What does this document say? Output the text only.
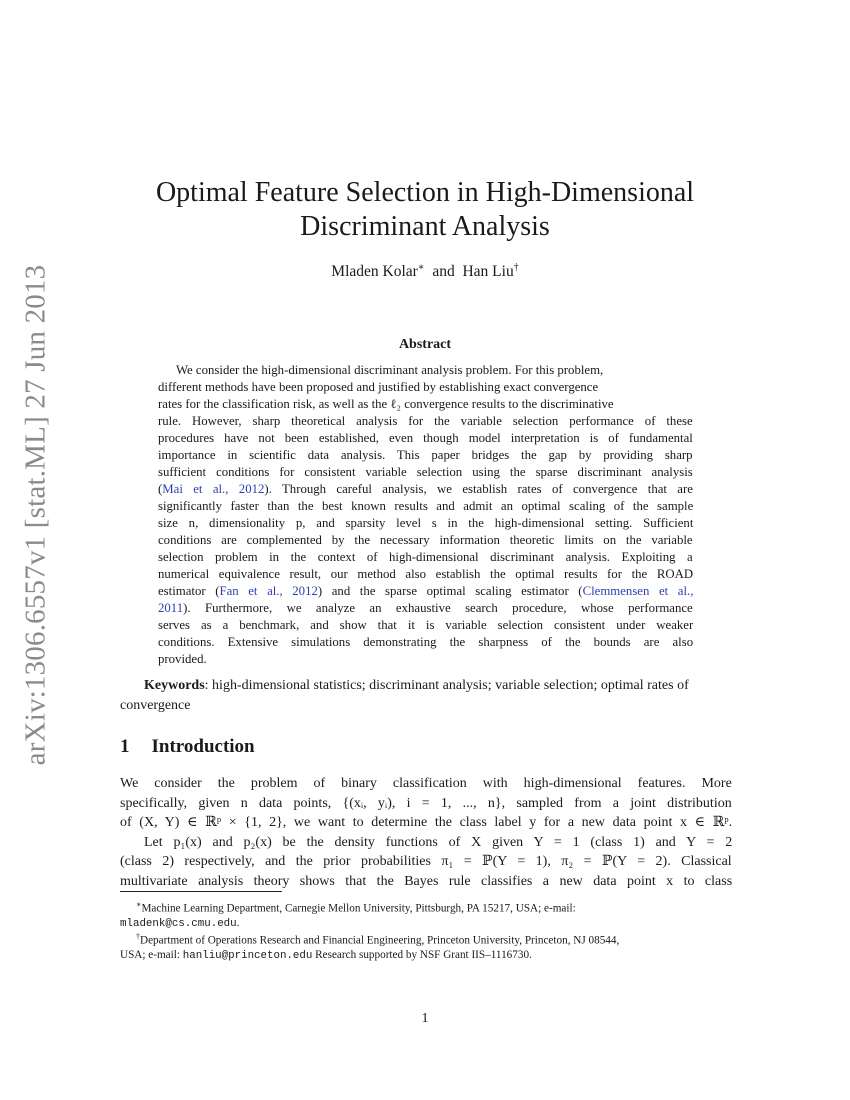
arXiv:1306.6557v1 [stat.ML] 27 Jun 2013
Optimal Feature Selection in High-Dimensional
Discriminant Analysis
Mladen Kolar∗ and Han Liu†
Abstract
We consider the high-dimensional discriminant analysis problem. For this problem,
different methods have been proposed and justified by establishing exact convergence
rates for the classification risk, as well as the ℓ₂ convergence results to the discriminative
rule. However, sharp theoretical analysis for the variable selection performance of these
procedures have not been established, even though model interpretation is of fundamental
importance in scientific data analysis. This paper bridges the gap by providing sharp
sufficient conditions for consistent variable selection using the sparse discriminant analysis
(Mai et al., 2012). Through careful analysis, we establish rates of convergence that are
significantly faster than the best known results and admit an optimal scaling of the sample
size n, dimensionality p, and sparsity level s in the high-dimensional setting. Sufficient
conditions are complemented by the necessary information theoretic limits on the variable
selection problem in the context of high-dimensional discriminant analysis. Exploiting a
numerical equivalence result, our method also establish the optimal results for the ROAD
estimator (Fan et al., 2012) and the sparse optimal scaling estimator (Clemmensen et al.,
2011). Furthermore, we analyze an exhaustive search procedure, whose performance
serves as a benchmark, and show that it is variable selection consistent under weaker
conditions. Extensive simulations demonstrating the sharpness of the bounds are also
provided.
Keywords: high-dimensional statistics; discriminant analysis; variable selection; optimal rates of convergence
1 Introduction
We consider the problem of binary classification with high-dimensional features. More
specifically, given n data points, {(xᵢ, yᵢ), i = 1, ..., n}, sampled from a joint distribution
of (X, Y) ∈ ℝᵖ × {1, 2}, we want to determine the class label y for a new data point x ∈ ℝᵖ.
Let p₁(x) and p₂(x) be the density functions of X given Y = 1 (class 1) and Y = 2
(class 2) respectively, and the prior probabilities π₁ = ℙ(Y = 1), π₂ = ℙ(Y = 2). Classical
multivariate analysis theory shows that the Bayes rule classifies a new data point x to class
∗Machine Learning Department, Carnegie Mellon University, Pittsburgh, PA 15217, USA; e-mail:
mladenk@cs.cmu.edu.
†Department of Operations Research and Financial Engineering, Princeton University, Princeton, NJ 08544,
USA; e-mail: hanliu@princeton.edu Research supported by NSF Grant IIS–1116730.
1
